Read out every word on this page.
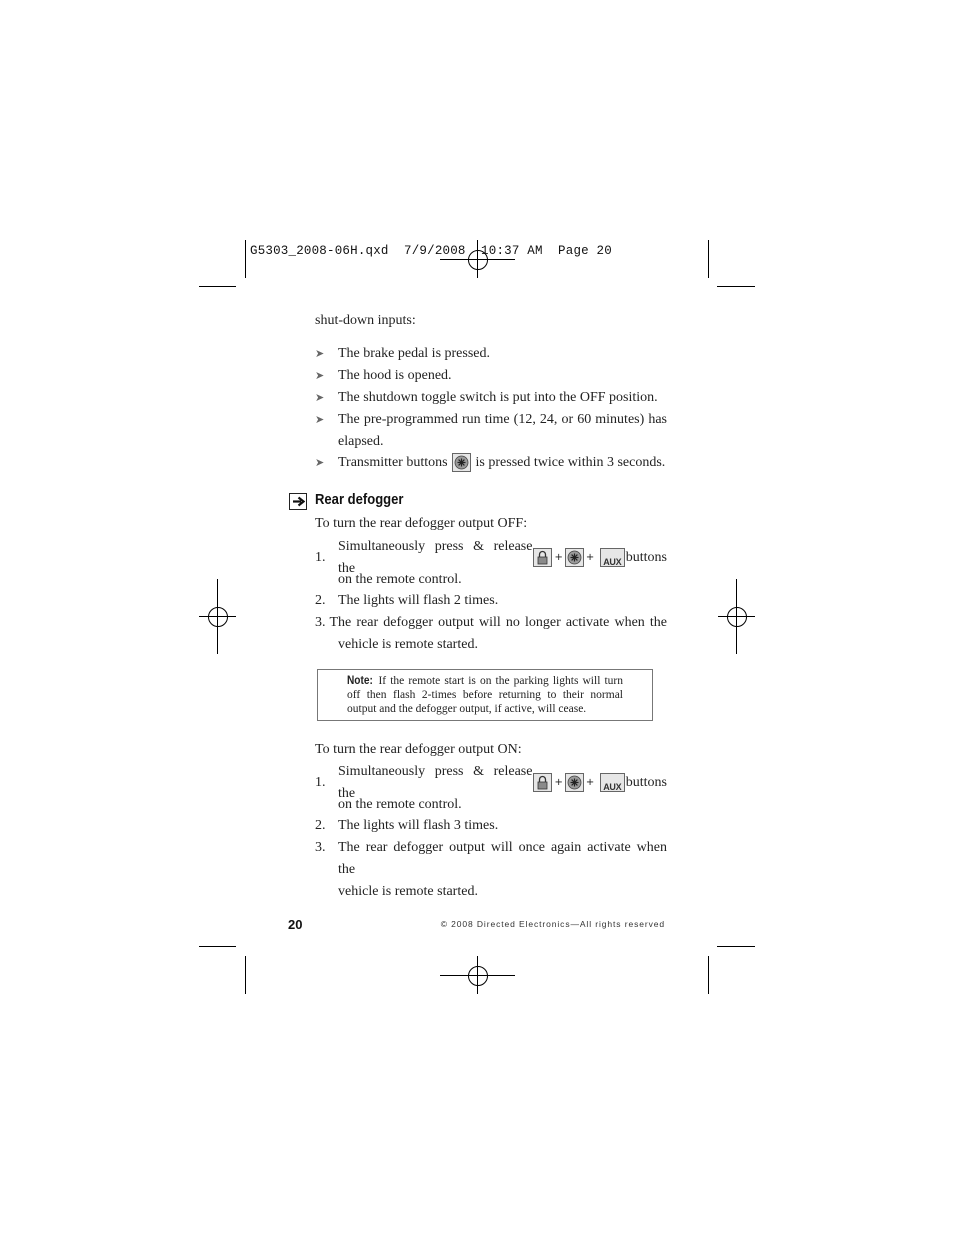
G5303_2008-06H.qxd  7/9/2008  10:37 AM  Page 20
shut-down inputs:
➤ The brake pedal is pressed.
➤ The hood is opened.
➤ The shutdown toggle switch is put into the OFF position.
➤ The pre-programmed run time (12, 24, or 60 minutes) has elapsed.
➤ Transmitter buttons is pressed twice within 3 seconds.
Rear defogger
To turn the rear defogger output OFF:
1.
Simultaneously press & release the
+ + AUX buttons
on the remote control.
2. The lights will flash 2 times.
3. The rear defogger output will no longer activate when the
vehicle is remote started.
Note: If the remote start is on the parking lights will turn off then flash 2-times before returning to their normal output and the defogger output, if active, will cease.
To turn the rear defogger output ON:
1.
Simultaneously press & release the
+ + AUX buttons
on the remote control.
2. The lights will flash 3 times.
3. The rear defogger output will once again activate when the
vehicle is remote started.
20	© 2008 Directed Electronics—All rights reserved
